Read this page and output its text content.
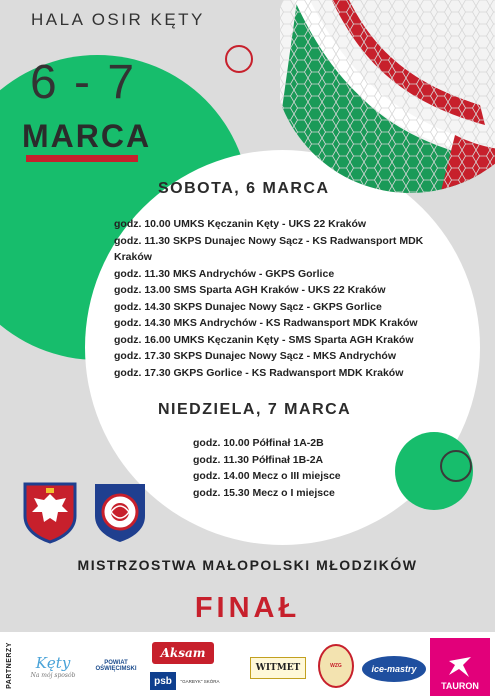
HALA OSIR KĘTY
6 - 7
MARCA
SOBOTA, 6 MARCA
godz. 10.00 UMKS Kęczanin Kęty - UKS 22 Kraków
godz. 11.30 SKPS Dunajec Nowy Sącz - KS Radwansport MDK Kraków
godz. 11.30 MKS Andrychów - GKPS Gorlice
godz. 13.00 SMS Sparta AGH Kraków - UKS 22 Kraków
godz. 14.30 SKPS Dunajec Nowy Sącz - GKPS Gorlice
godz. 14.30 MKS Andrychów - KS Radwansport MDK Kraków
godz. 16.00 UMKS Kęczanin Kęty - SMS Sparta AGH Kraków
godz. 17.30 SKPS Dunajec Nowy Sącz - MKS Andrychów
godz. 17.30 GKPS Gorlice - KS Radwansport MDK Kraków
NIEDZIELA, 7 MARCA
godz. 10.00 Półfinał 1A-2B
godz. 11.30 Półfinał 1B-2A
godz. 14.00 Mecz o III miejsce
godz. 15.30 Mecz o I miejsce
MISTRZOSTWA MAŁOPOLSKI MŁODZIKÓW
FINAŁ
PARTNERZY Kęty
Na mój sposób
POWIAT OŚWIĘCIMSKI
Aksam
psb	"GARBYK" SKÓRA
WITMET	WZG	ice-mastry
TAURON
